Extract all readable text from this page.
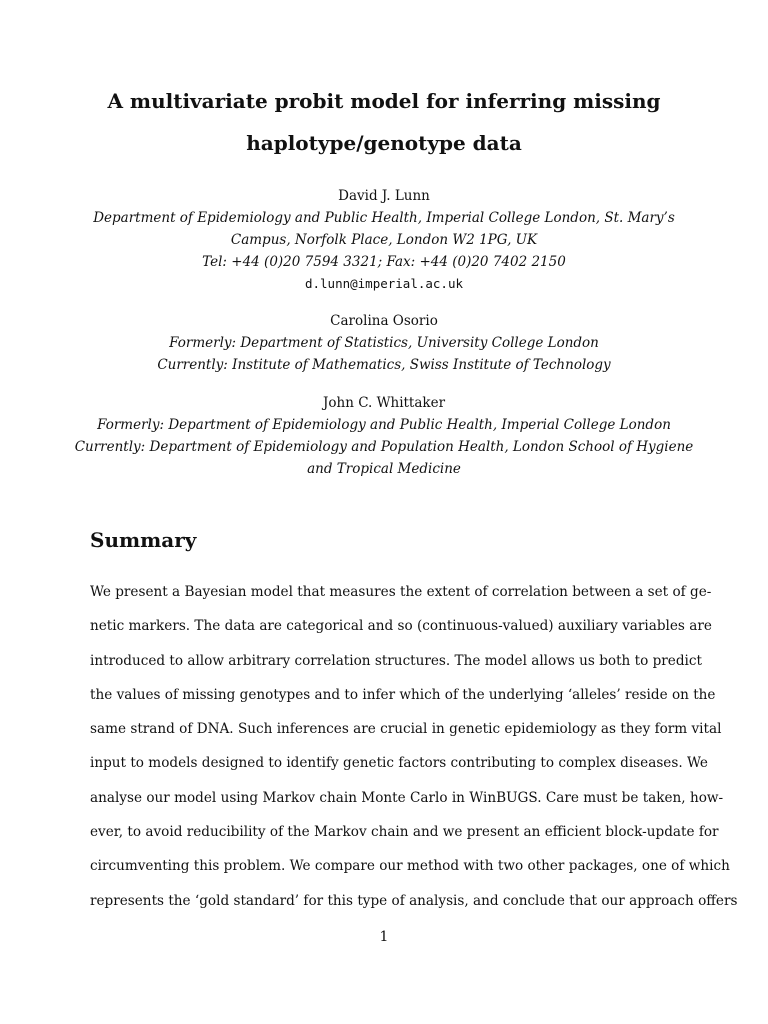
A multivariate probit model for inferring missing
haplotype/genotype data
David J. Lunn
Department of Epidemiology and Public Health, Imperial College London, St. Mary’s
Campus, Norfolk Place, London W2 1PG, UK
Tel: +44 (0)20 7594 3321; Fax: +44 (0)20 7402 2150
d.lunn@imperial.ac.uk
Carolina Osorio
Formerly: Department of Statistics, University College London
Currently: Institute of Mathematics, Swiss Institute of Technology
John C. Whittaker
Formerly: Department of Epidemiology and Public Health, Imperial College London
Currently: Department of Epidemiology and Population Health, London School of Hygiene
and Tropical Medicine
Summary
We present a Bayesian model that measures the extent of correlation between a set of ge-
netic markers. The data are categorical and so (continuous-valued) auxiliary variables are
introduced to allow arbitrary correlation structures. The model allows us both to predict
the values of missing genotypes and to infer which of the underlying ‘alleles’ reside on the
same strand of DNA. Such inferences are crucial in genetic epidemiology as they form vital
input to models designed to identify genetic factors contributing to complex diseases. We
analyse our model using Markov chain Monte Carlo in WinBUGS. Care must be taken, how-
ever, to avoid reducibility of the Markov chain and we present an efficient block-update for
circumventing this problem. We compare our method with two other packages, one of which
represents the ‘gold standard’ for this type of analysis, and conclude that our approach offers
1
